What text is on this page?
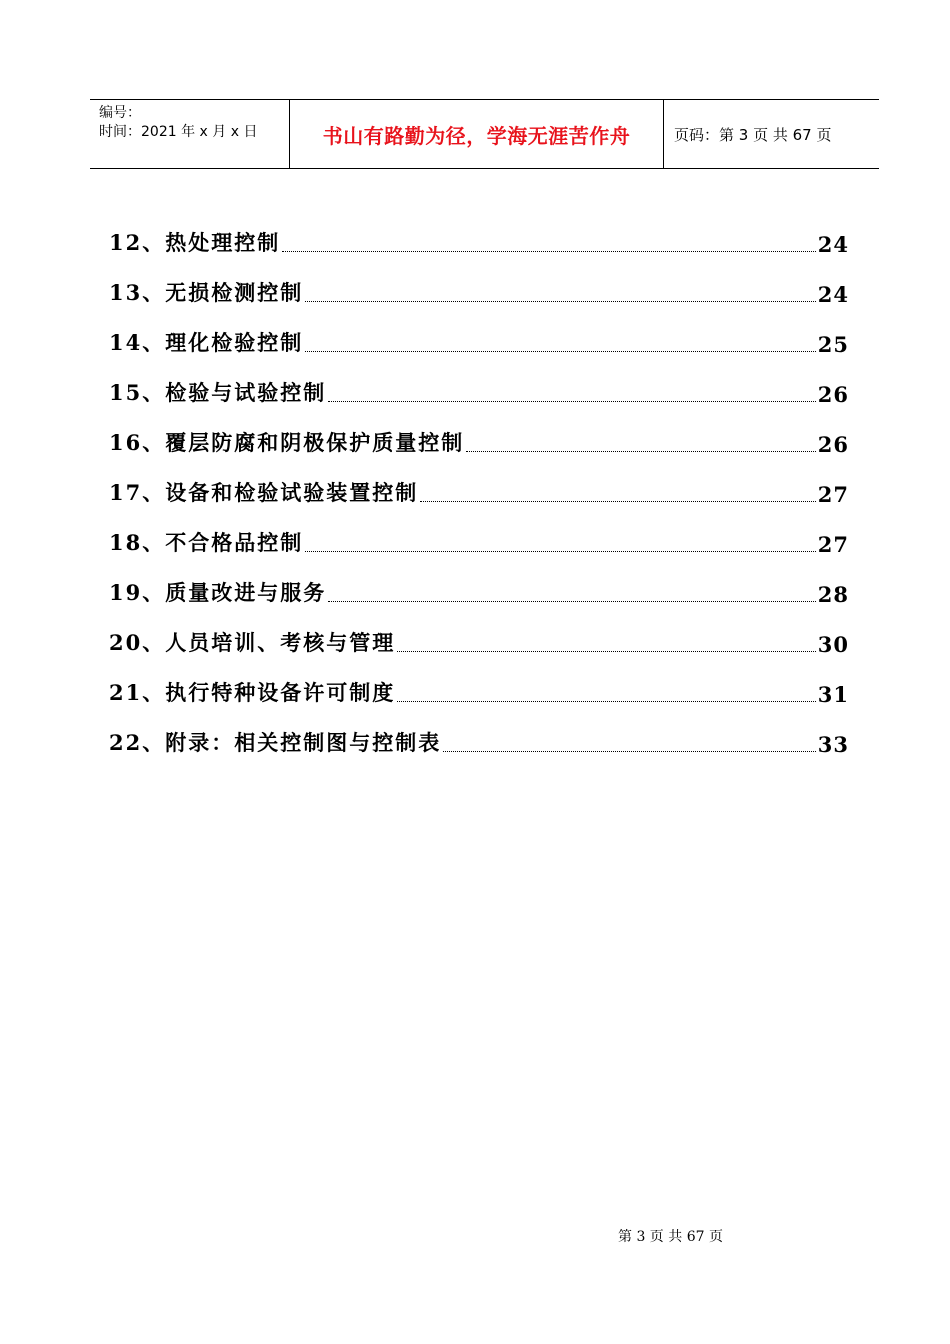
编号：
时间：2021 年 x 月 x 日	书山有路勤为径，学海无涯苦作舟	页码：第 3 页 共 67 页
12、 热处理控制	24
13、 无损检测控制	24
14、 理化检验控制	25
15、 检验与试验控制	26
16、 覆层防腐和阴极保护质量控制	26
17、 设备和检验试验装置控制	27
18、 不合格品控制	27
19、 质量改进与服务	28
20、 人员培训、考核与管理	30
21、 执行特种设备许可制度	31
22、 附录：相关控制图与控制表	33
第 3 页 共 67 页
